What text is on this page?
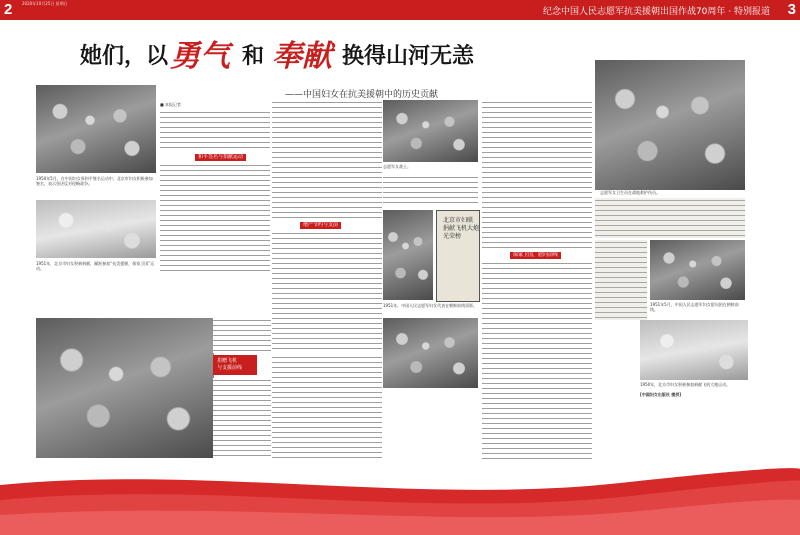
2 2020年10月25日 星期日
纪念中国人民志愿军抗美援朝出国作战70周年 · 特别报道 3
她们，以 勇气 和 奉献 换得山河无恙
——中国妇女在抗美援朝中的历史贡献
1950年5月，在中国妇女界和平签名运动中，北京市妇女积极参加签名，表示坚决反对侵略战争。
1951年，北京市妇女积极捐献，踊跃参加“抗美援朝，保家卫国”运动。
■ 本报记者
和平签名与捐献运动
增产节约与支前
志愿军女战士。
北京市妇联
捐献飞机大炮
光荣榜
1951年，中国人民志愿军妇女代表在朝鲜前线留影。
保家卫国，慰问前线
志愿军女卫生员在战地救护伤员。
1951年5月，中国人民志愿军妇女慰问团在朝鲜前线。
1950年，北京市妇女积极参加捐献飞机大炮运动。
[中国妇女出版社 提供]
捐赠飞机
与支援前线
纪念中国人民志愿军抗美援朝出国作战70周年特别报道
